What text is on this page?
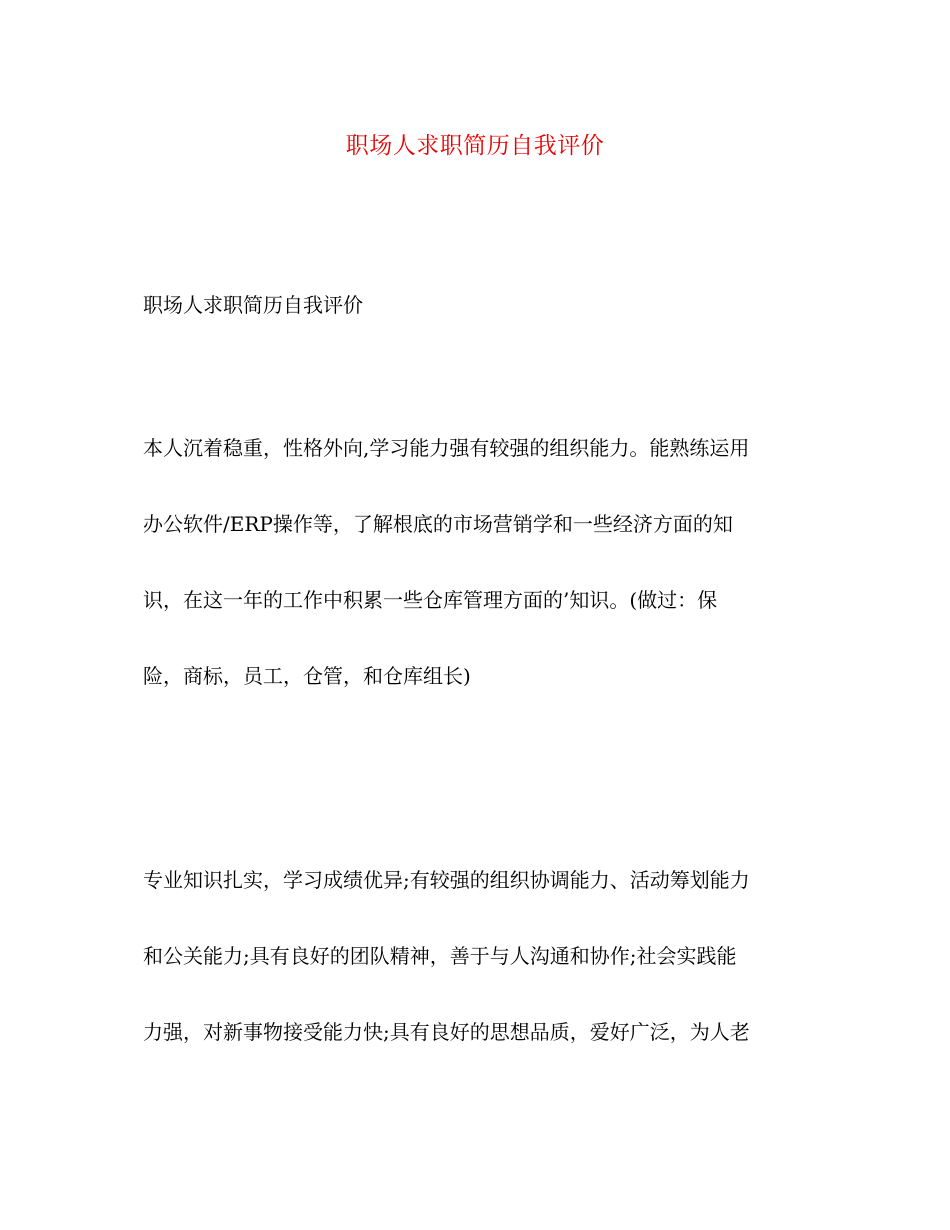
职场人求职简历自我评价
职场人求职简历自我评价
本人沉着稳重，性格外向,学习能力强有较强的组织能力。能熟练运用
办公软件/ERP操作等，了解根底的市场营销学和一些经济方面的知
识，在这一年的工作中积累一些仓库管理方面的’知识。(做过：保
险，商标，员工，仓管，和仓库组长)
专业知识扎实，学习成绩优异;有较强的组织协调能力、活动筹划能力
和公关能力;具有良好的团队精神，善于与人沟通和协作;社会实践能
力强，对新事物接受能力快;具有良好的思想品质，爱好广泛，为人老
